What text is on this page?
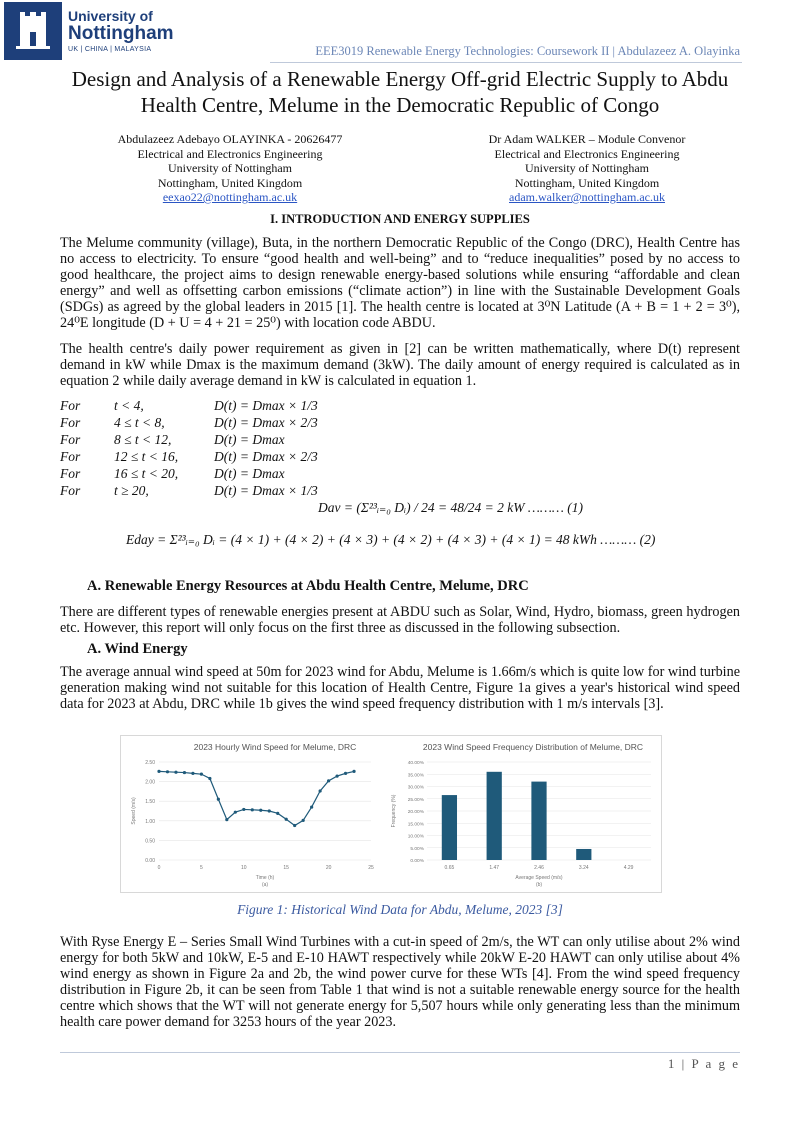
University of
Nottingham
UK | CHINA | MALAYSIA	EEE3019 Renewable Energy Technologies: Coursework II | Abdulazeez A. Olayinka
Design and Analysis of a Renewable Energy Off-grid Electric Supply to Abdu Health Centre, Melume in the Democratic Republic of Congo
Abdulazeez Adebayo OLAYINKA - 20626477
Electrical and Electronics Engineering
University of Nottingham
Nottingham, United Kingdom
eexao22@nottingham.ac.uk
Dr Adam WALKER – Module Convenor
Electrical and Electronics Engineering
University of Nottingham
Nottingham, United Kingdom
adam.walker@nottingham.ac.uk
I. INTRODUCTION AND ENERGY SUPPLIES

The Melume community (village), Buta, in the northern Democratic Republic of the Congo (DRC), Health Centre has no access to electricity. To ensure “good health and well-being” and to “reduce inequalities” posed by no access to good healthcare, the project aims to design renewable energy-based solutions while ensuring “affordable and clean energy” and well as offsetting carbon emissions (“climate action”) in line with the Sustainable Development Goals (SDGs) as agreed by the global leaders in 2015 [1]. The health centre is located at 3⁰N Latitude (A + B = 1 + 2 = 3⁰), 24⁰E longitude (D + U = 4 + 21 = 25⁰) with location code ABDU.

The health centre's daily power requirement as given in [2] can be written mathematically, where D(t) represent demand in kW while Dmax is the maximum demand (3kW). The daily amount of energy required is calculated as in equation 2 while daily average demand in kW is calculated in equation 1.

For	t < 4,	D(t) = Dmax × 1/3
For	4 ≤ t < 8,	D(t) = Dmax × 2/3
For	8 ≤ t < 12,	D(t) = Dmax
For	12 ≤ t < 16,	D(t) = Dmax × 2/3
For	16 ≤ t < 20,	D(t) = Dmax
For	t ≥ 20,	D(t) = Dmax × 1/3
Dav = (Σ²³ᵢ₌₀ Dᵢ) / 24 = 48/24 = 2 kW ……… (1)
Eday = Σ²³ᵢ₌₀ Dᵢ = (4 × 1) + (4 × 2) + (4 × 3) + (4 × 2) + (4 × 3) + (4 × 1) = 48 kWh ……… (2)
A. Renewable Energy Resources at Abdu Health Centre, Melume, DRC

There are different types of renewable energies present at ABDU such as Solar, Wind, Hydro, biomass, green hydrogen etc. However, this report will only focus on the first three as discussed in the following subsection.

A. Wind Energy

The average annual wind speed at 50m for 2023 wind for Abdu, Melume is 1.66m/s which is quite low for wind turbine generation making wind not suitable for this location of Health Centre, Figure 1a gives a year's historical wind speed data for 2023 at Abdu, DRC while 1b gives the wind speed frequency distribution with 1 m/s intervals [3].

2023 Hourly Wind Speed for Melume, DRC
0.00
0.50
1.00
1.50
2.00
2.50
0	5	10	15	20	25
Time (h)
(a)
Speed (m/s)
2023 Wind Speed Frequency Distribution of Melume, DRC
0.00%
5.00%
10.00%
15.00%
20.00%
25.00%
30.00%
35.00%
40.00%
0.65	1.47	2.46	3.24	4.29
Average Speed (m/s)
(b)
Frequency (%)
Figure 1: Historical Wind Data for Abdu, Melume, 2023 [3]

With Ryse Energy E – Series Small Wind Turbines with a cut-in speed of 2m/s, the WT can only utilise about 2% wind energy for both 5kW and 10kW, E-5 and E-10 HAWT respectively while 20kW E-20 HAWT can only utilise about 4% wind energy as shown in Figure 2a and 2b, the wind power curve for these WTs [4]. From the wind speed frequency distribution in Figure 2b, it can be seen from Table 1 that wind is not a suitable renewable energy source for the health centre which shows that the WT will not generate energy for 5,507 hours while only generating less than the minimum health care power demand for 3253 hours of the year 2023.

1 | P a g e
